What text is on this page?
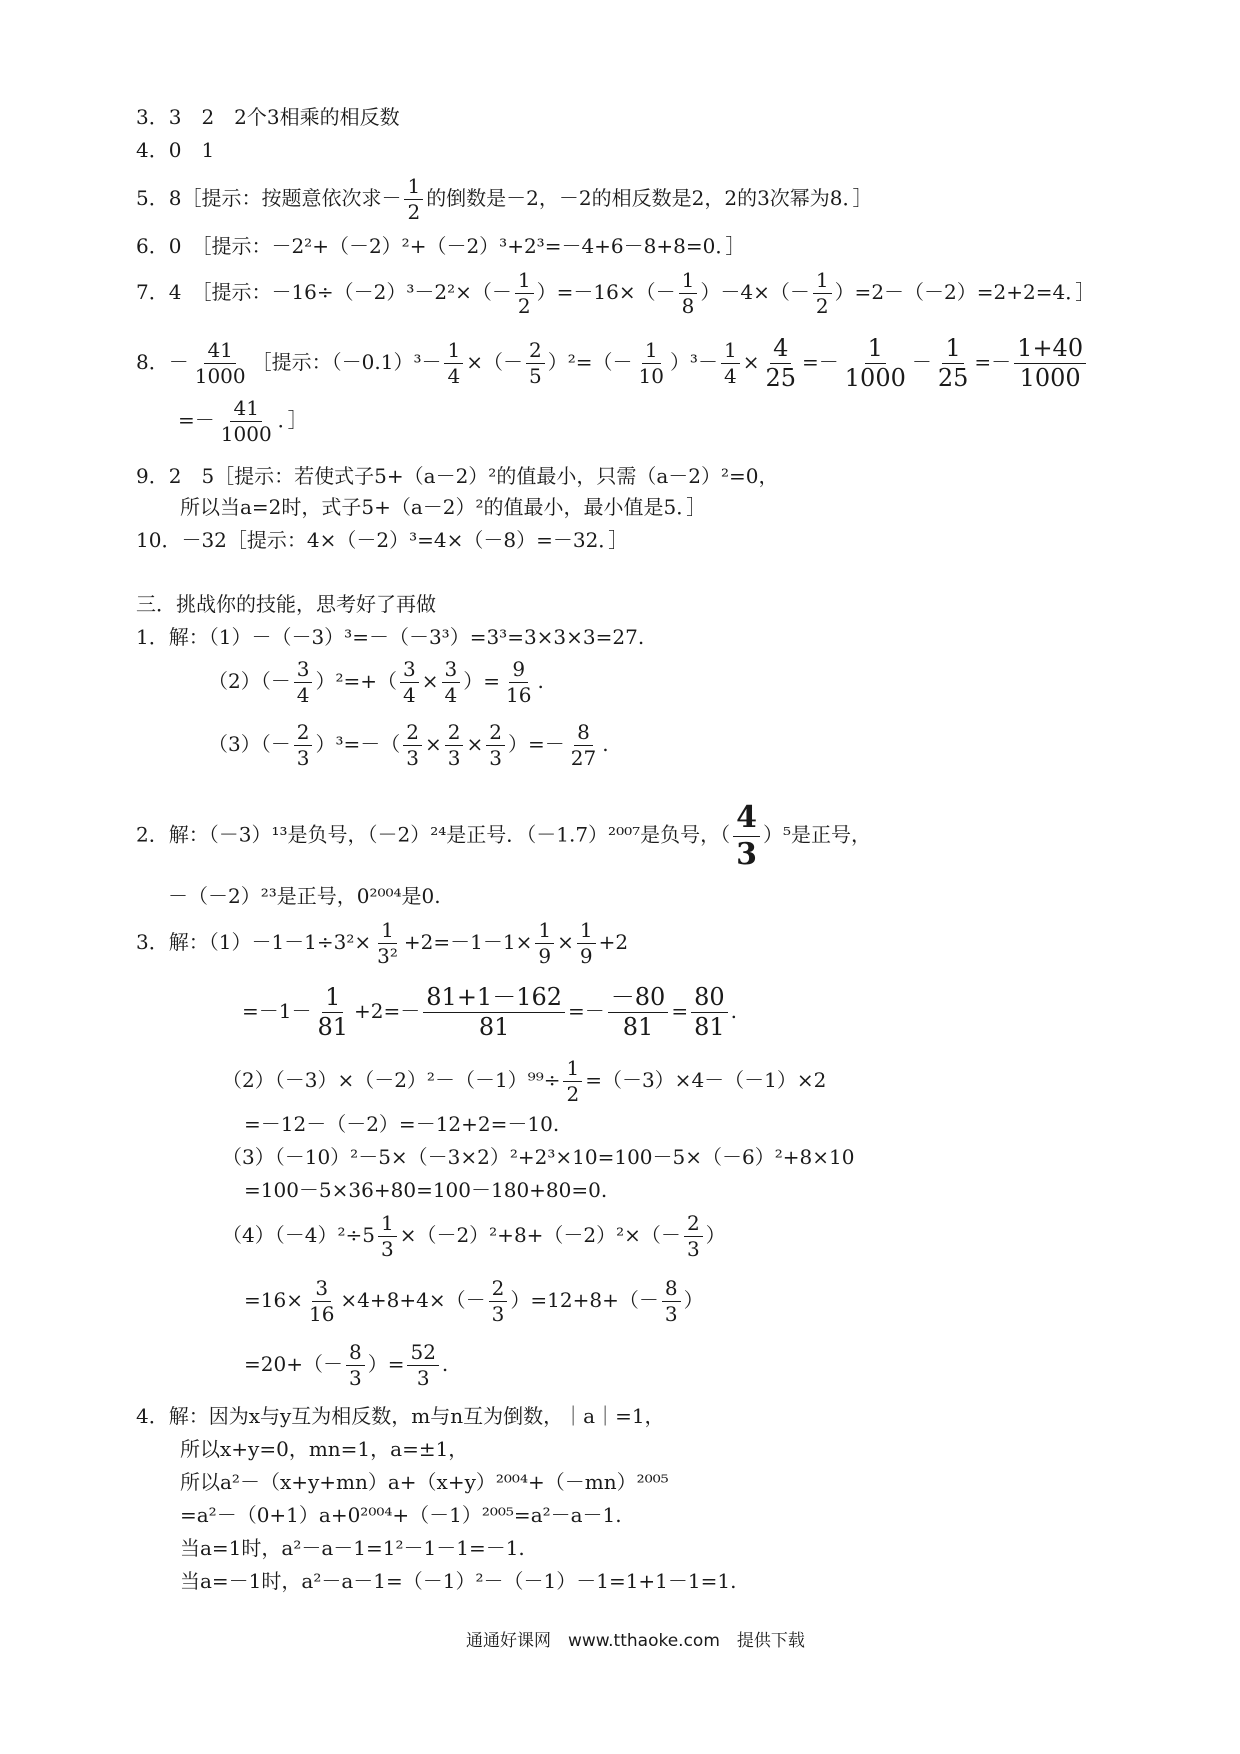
3．3　2　2个3相乘的相反数
4．0　1
5．8［提示：按题意依次求－ $\frac{1}{2}$ 的倒数是－2，－2的相反数是2，2的3次幂为8．］
6．0　［提示：－2²+（－2）²+（－2）³+2³=－4+6－8+8=0．］
7．4　［提示：$-16\div(-2)^3-2^2\times(- \frac{1}{2} )=-16\times(- \frac{1}{8} )-4\times(- \frac{1}{2} )=2-(-2)=2+2=4$．］
8．－ $\frac{41}{1000}$ ［提示：$(-0.1)^3- \frac{1}{4}$ ×（－ $\frac{2}{5} )^2=(- \frac{1}{10} )^3- \frac{1}{4} \times \frac{4}{25} =- \frac{1}{1000} - \frac{1}{25} =- \frac{1+40}{1000}$
=－ $\frac{41}{1000}$ ．］
9．2　5［提示：若使式子5+（a－2）²的值最小，只需（a－2）²=0，
所以当a=2时，式子5+（a－2）²的值最小，最小值是5．］
10．－32［提示：4×（－2）³=4×（－8）=－32．］
三．挑战你的技能，思考好了再做
1．解：（1）－（－3）³=－（－3³）=3³=3×3×3=27.
$(2)(- \frac{3}{4} )^2=+( \frac{3}{4} \times \frac{3}{4}$ ）= $\frac{9}{16}$ .
$(3)(- \frac{2}{3} )^3=-( \frac{2}{3} \times \frac{2}{3} \times \frac{2}{3}$ ）=－ $\frac{8}{27}$ .
2．解：（－3）¹³是负号，（－2）²⁴是正号．（－1.7）²⁰⁰⁷是负号，（ $\frac{4}{3} )^5$是正号，
－（－2）²³是正号，0²⁰⁰⁴是0.
3．解：$(1)-1-1\div 3^2\times \frac{1}{\text{3²}} +2=-1-1\times \frac{1}{9} \times \frac{1}{9} +2$
$=-1- \frac{1}{81} +2=- \frac{81+1-162}{81} =- \frac{-80}{81} = \frac{80}{81}$ .
$(2)(-3)\times(-2)^2-(-1)^{99}\div \frac{1}{2} =(-3)\times 4-(-1)\times 2$
=－12－（－2）=－12+2=－10.
（3）（－10）²－5×（－3×2）²+2³×10=100－5×（－6）²+8×10
=100－5×36+80=100－180+80=0.
$(4)(-4)^2\div 5 \frac{1}{3} \times(-2)^2+8+(-2)^2\times(- \frac{2}{3}$ ）
$=16\times \frac{3}{16} \times 4+8+4\times(- \frac{2}{3} )=12+8+(- \frac{8}{3}$ ）
$=20+(- \frac{8}{3}$ ）= $\frac{52}{3}$ .
4．解：因为x与y互为相反数，m与n互为倒数，｜a｜=1，
所以x+y=0，mn=1，a=±1，
所以a²－（x+y+mn）a+（x+y）²⁰⁰⁴+（－mn）²⁰⁰⁵
=a²－（0+1）a+0²⁰⁰⁴+（－1）²⁰⁰⁵=a²－a－1.
当a=1时，a²－a－1=1²－1－1=－1.
当a=－1时，a²－a－1=（－1）²－（－1）－1=1+1－1=1.
通通好课网　www.tthaoke.com　提供下载
